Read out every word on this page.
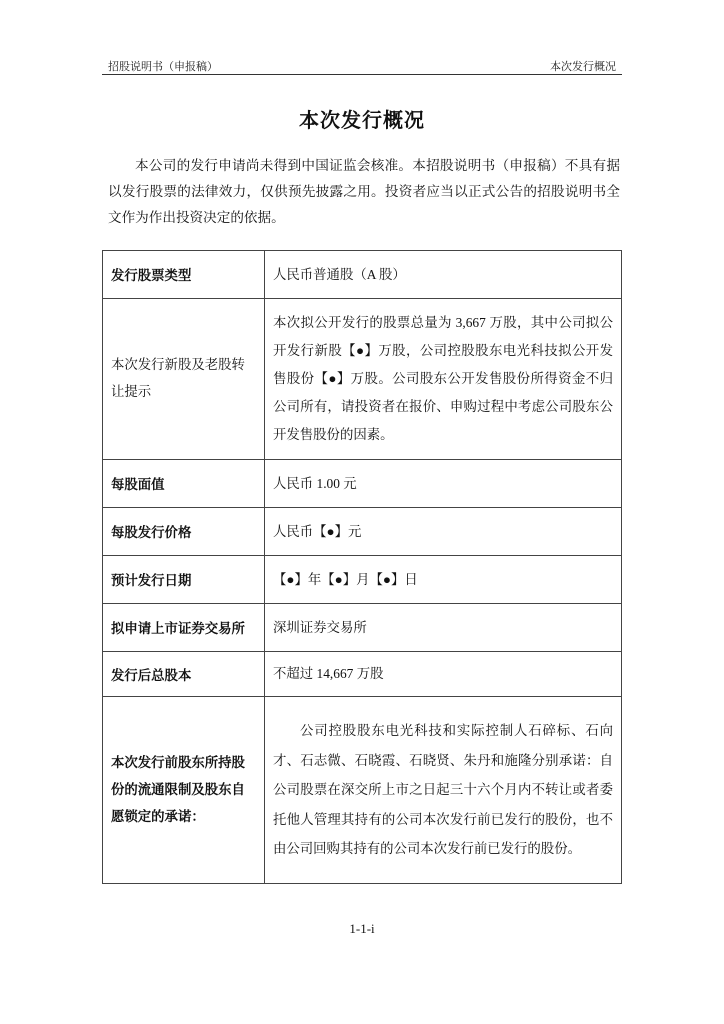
招股说明书（申报稿）	本次发行概况
本次发行概况

本公司的发行申请尚未得到中国证监会核准。本招股说明书（申报稿）不具有据以发行股票的法律效力，仅供预先披露之用。投资者应当以正式公告的招股说明书全文作为作出投资决定的依据。

发行股票类型	人民币普通股（A 股）
本次发行新股及老股转让提示	本次拟公开发行的股票总量为 3,667 万股，其中公司拟公开发行新股【●】万股，公司控股股东电光科技拟公开发售股份【●】万股。公司股东公开发售股份所得资金不归公司所有，请投资者在报价、申购过程中考虑公司股东公开发售股份的因素。
每股面值	人民币 1.00 元
每股发行价格	人民币【●】元
预计发行日期	【●】年【●】月【●】日
拟申请上市证券交易所	深圳证券交易所
发行后总股本	不超过 14,667 万股
本次发行前股东所持股份的流通限制及股东自愿锁定的承诺：	公司控股股东电光科技和实际控制人石碎标、石向才、石志微、石晓霞、石晓贤、朱丹和施隆分别承诺：自公司股票在深交所上市之日起三十六个月内不转让或者委托他人管理其持有的公司本次发行前已发行的股份，也不由公司回购其持有的公司本次发行前已发行的股份。
1-1-i
